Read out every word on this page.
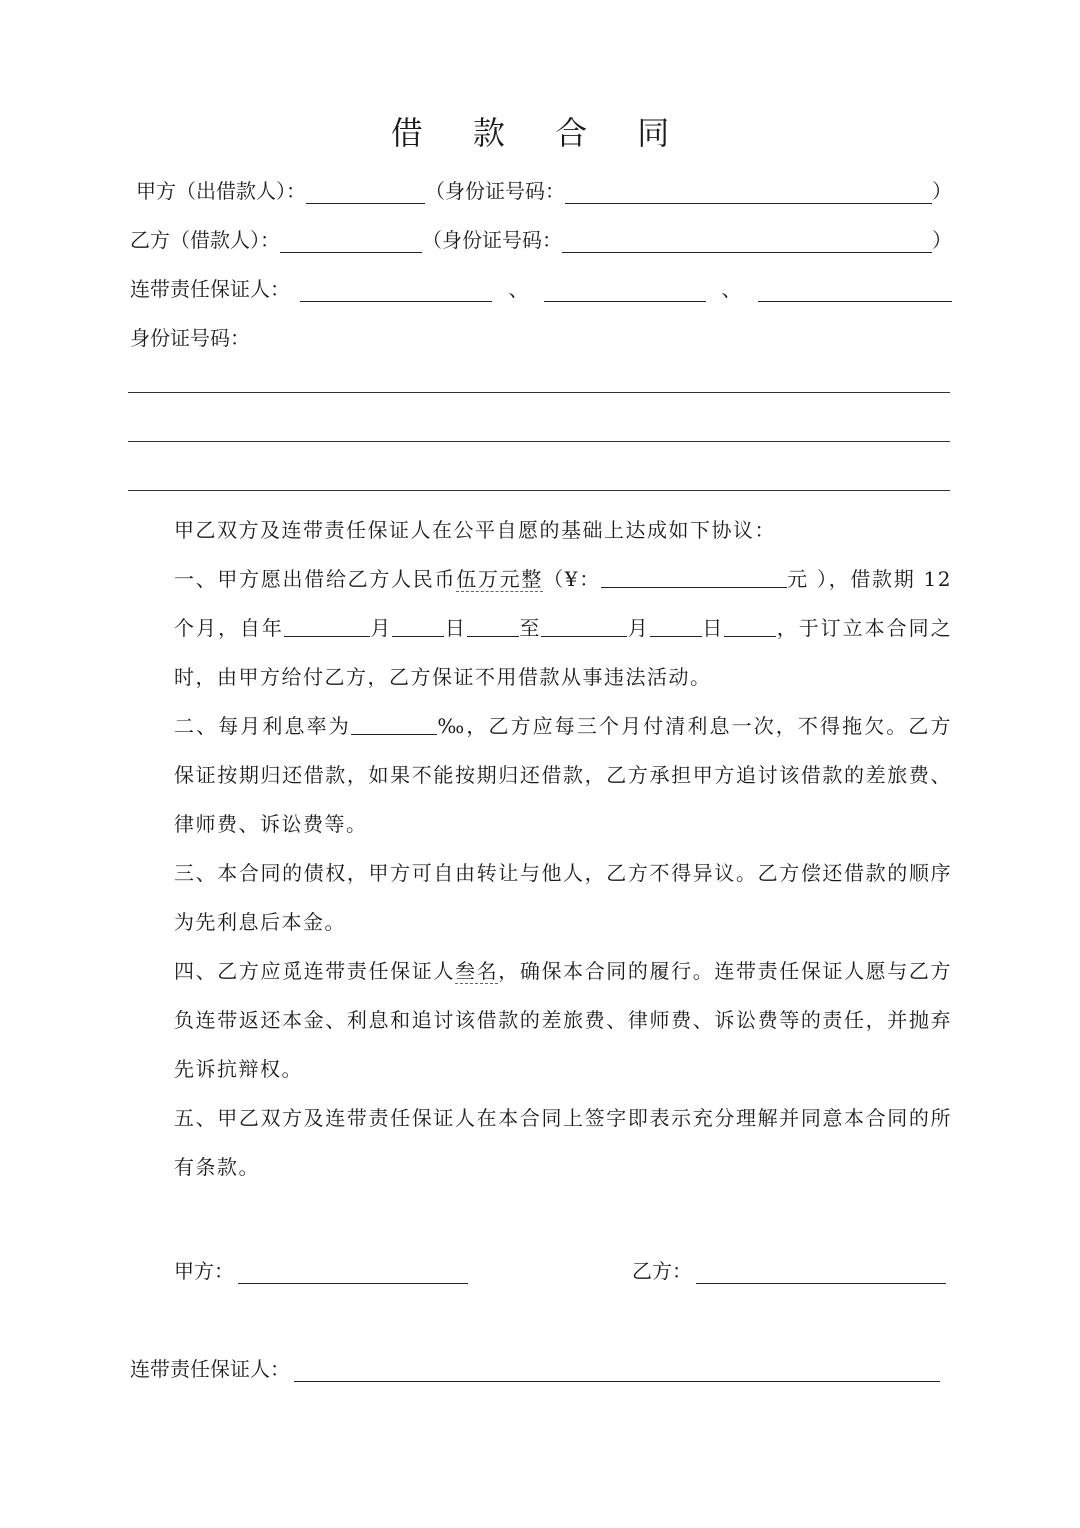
借 款 合 同
甲方（出借款人）：	（身份证号码：	）
乙方（借款人）：	（身份证号码：	）
连带责任保证人：	、	、
身份证号码：
甲乙双方及连带责任保证人在公平自愿的基础上达成如下协议：
一、甲方愿出借给乙方人民币伍万元整（¥：	元 ），借款期 12 个月，自年	月	日	至	月	日	，于订立本合同之时，由甲方给付乙方，乙方保证不用借款从事违法活动。
二、每月利息率为	‰，乙方应每三个月付清利息一次，不得拖欠。乙方保证按期归还借款，如果不能按期归还借款，乙方承担甲方追讨该借款的差旅费、律师费、诉讼费等。
三、本合同的债权，甲方可自由转让与他人，乙方不得异议。乙方偿还借款的顺序为先利息后本金。
四、乙方应觅连带责任保证人叁名，确保本合同的履行。连带责任保证人愿与乙方负连带返还本金、利息和追讨该借款的差旅费、律师费、诉讼费等的责任，并抛弃先诉抗辩权。
五、甲乙双方及连带责任保证人在本合同上签字即表示充分理解并同意本合同的所有条款。
甲方：	乙方：
连带责任保证人：
